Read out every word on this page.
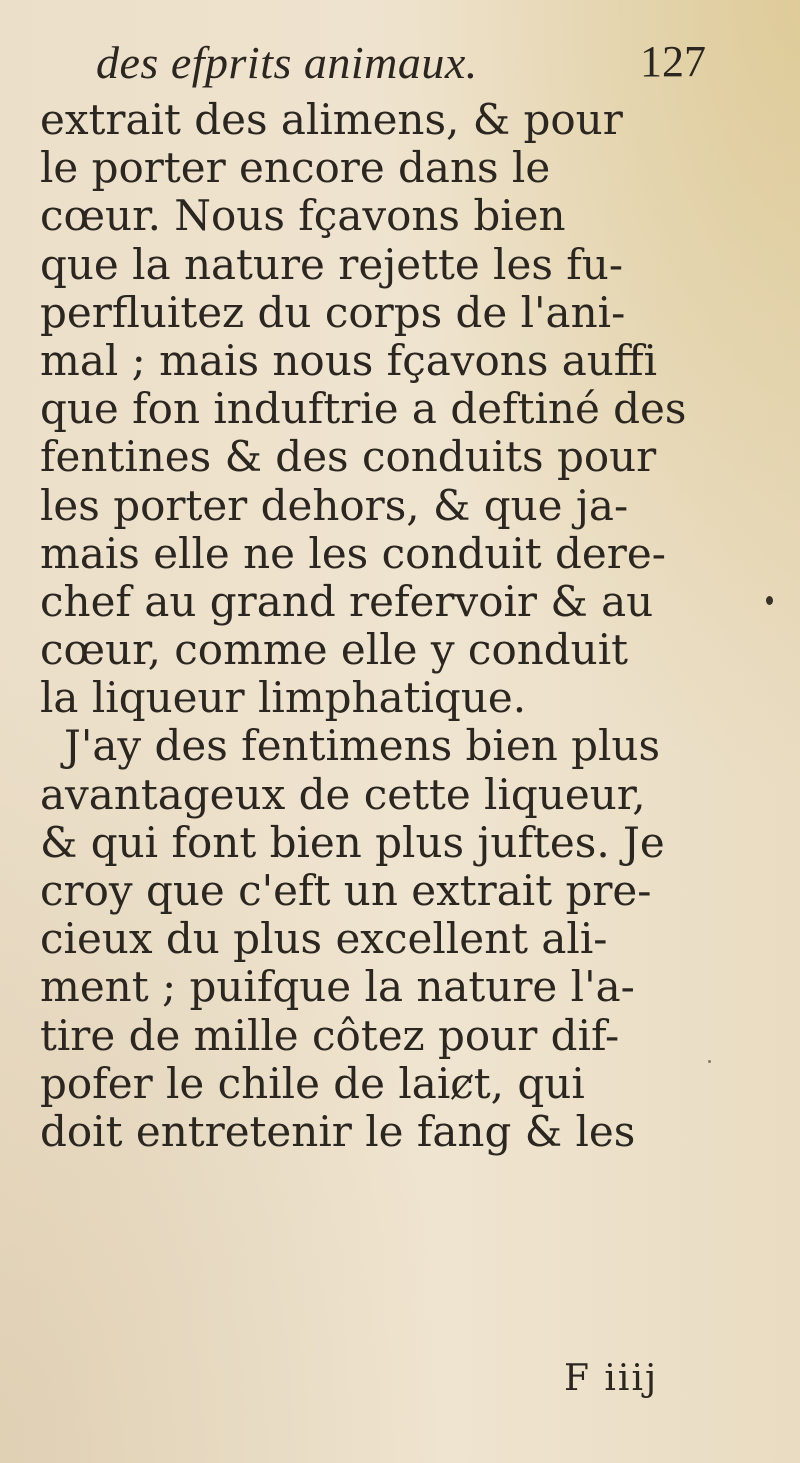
des efprits animaux.	127
extrait des alimens, & pour
le porter encore dans le
cœur. Nous fçavons bien
que la nature rejette les fu-
perfluitez du corps de l'ani-
mal ; mais nous fçavons auffi
que fon induftrie a deftiné des
fentines & des conduits pour
les porter dehors, & que ja-
mais elle ne les conduit dere-
chef au grand refervoir & au
cœur, comme elle y conduit
la liqueur limphatique.
J'ay des fentimens bien plus
avantageux de cette liqueur,
& qui font bien plus juftes. Je
croy que c'eft un extrait pre-
cieux du plus excellent ali-
ment ; puifque la nature l'a-
tire de mille côtez pour dif-
pofer le chile de laiȼt, qui
doit entretenir le fang & les
F iiij
